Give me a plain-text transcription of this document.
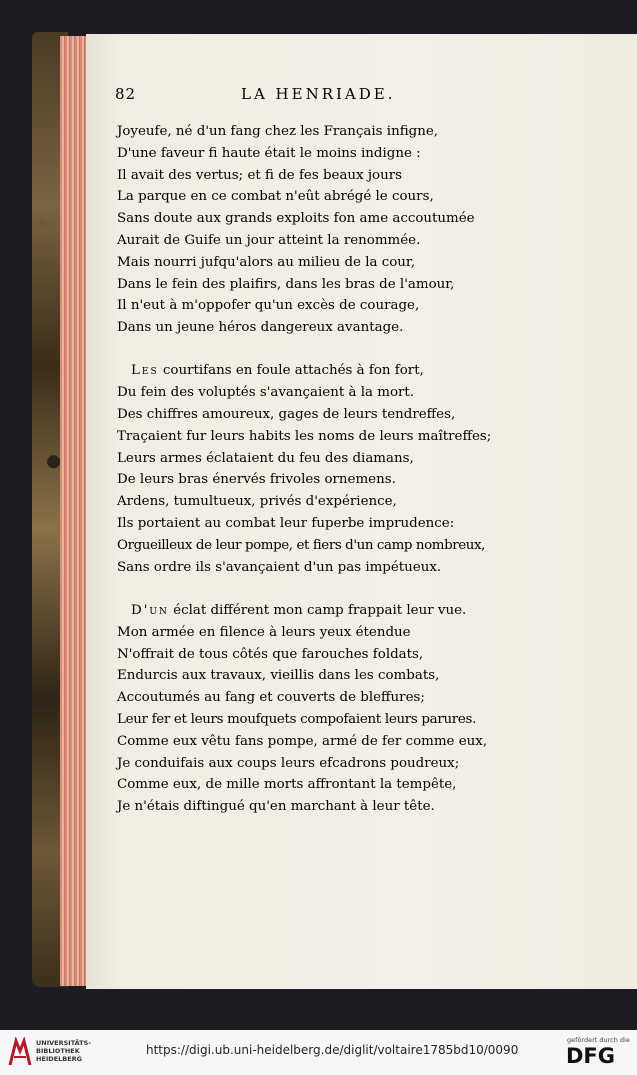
82	LA HENRIADE.
Joyeufe, né d'un fang chez les Français infigne,
D'une faveur fi haute était le moins indigne :
Il avait des vertus; et fi de fes beaux jours
La parque en ce combat n'eût abrégé le cours,
Sans doute aux grands exploits fon ame accoutumée
Aurait de Guife un jour atteint la renommée.
Mais nourri jufqu'alors au milieu de la cour,
Dans le fein des plaifirs, dans les bras de l'amour,
Il n'eut à m'oppofer qu'un excès de courage,
Dans un jeune héros dangereux avantage.
Les courtifans en foule attachés à fon fort,
Du fein des voluptés s'avançaient à la mort.
Des chiffres amoureux, gages de leurs tendreffes,
Traçaient fur leurs habits les noms de leurs maîtreffes;
Leurs armes éclataient du feu des diamans,
De leurs bras énervés frivoles ornemens.
Ardens, tumultueux, privés d'expérience,
Ils portaient au combat leur fuperbe imprudence:
Orgueilleux de leur pompe, et fiers d'un camp nombreux,
Sans ordre ils s'avançaient d'un pas impétueux.
D'un éclat différent mon camp frappait leur vue.
Mon armée en filence à leurs yeux étendue
N'offrait de tous côtés que farouches foldats,
Endurcis aux travaux, vieillis dans les combats,
Accoutumés au fang et couverts de bleffures;
Leur fer et leurs moufquets compofaient leurs parures.
Comme eux vêtu fans pompe, armé de fer comme eux,
Je conduifais aux coups leurs efcadrons poudreux;
Comme eux, de mille morts affrontant la tempête,
Je n'étais diftingué qu'en marchant à leur tête.
UNIVERSITÄTS-
BIBLIOTHEK
HEIDELBERG
https://digi.ub.uni-heidelberg.de/diglit/voltaire1785bd10/0090
gefördert durch die
DFG
